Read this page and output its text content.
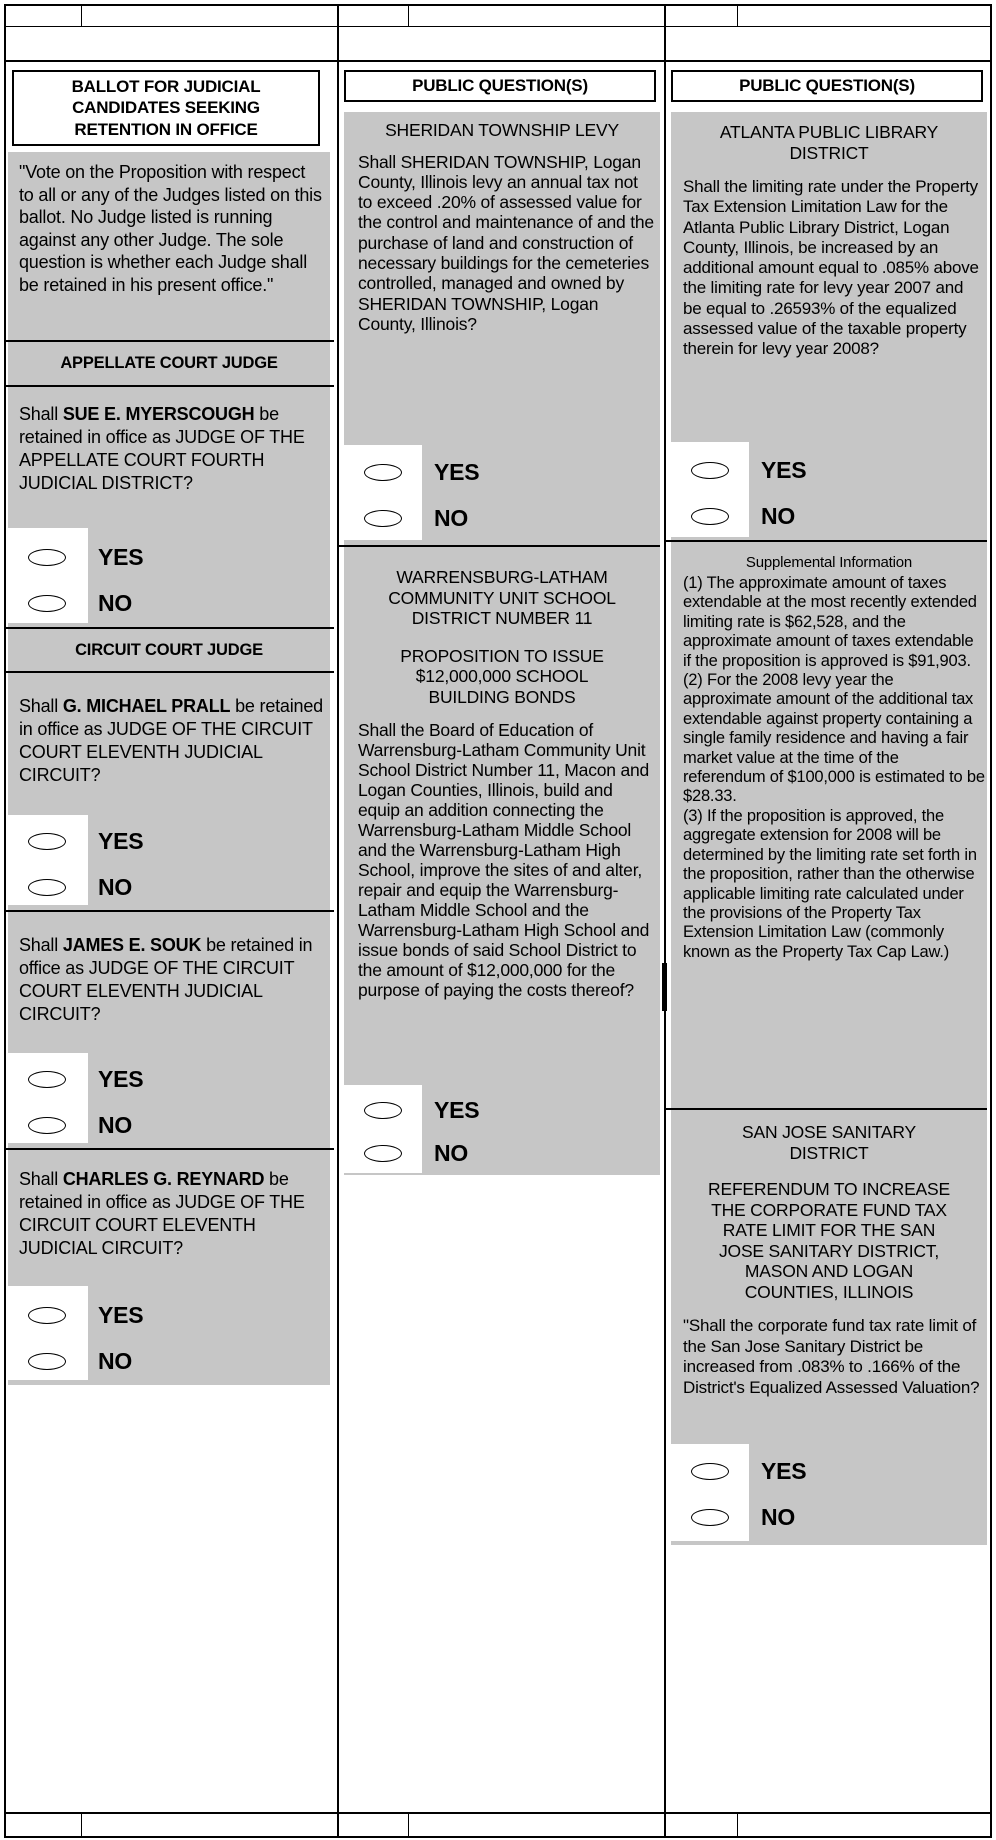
BALLOT FOR JUDICIAL CANDIDATES SEEKING RETENTION IN OFFICE
"Vote on the Proposition with respect to all or any of the Judges listed on this ballot. No Judge listed is running against any other Judge. The sole question is whether each Judge shall be retained in his present office."
APPELLATE COURT JUDGE
Shall SUE E. MYERSCOUGH be retained in office as JUDGE OF THE APPELLATE COURT FOURTH JUDICIAL DISTRICT?
YES
NO
CIRCUIT COURT JUDGE
Shall G. MICHAEL PRALL be retained in office as JUDGE OF THE CIRCUIT COURT ELEVENTH JUDICIAL CIRCUIT?
YES
NO
Shall JAMES E. SOUK be retained in office as JUDGE OF THE CIRCUIT COURT ELEVENTH JUDICIAL CIRCUIT?
YES
NO
Shall CHARLES G. REYNARD be retained in office as JUDGE OF THE CIRCUIT COURT ELEVENTH JUDICIAL CIRCUIT?
YES
NO
PUBLIC QUESTION(S)
SHERIDAN TOWNSHIP LEVY
Shall SHERIDAN TOWNSHIP, Logan County, Illinois levy an annual tax not to exceed .20% of assessed value for the control and maintenance of and the purchase of land and construction of necessary buildings for the cemeteries controlled, managed and owned by SHERIDAN TOWNSHIP, Logan County, Illinois?
YES
NO
WARRENSBURG-LATHAM COMMUNITY UNIT SCHOOL DISTRICT NUMBER 11
PROPOSITION TO ISSUE $12,000,000 SCHOOL BUILDING BONDS
Shall the Board of Education of Warrensburg-Latham Community Unit School District Number 11, Macon and Logan Counties, Illinois, build and equip an addition connecting the Warrensburg-Latham Middle School and the Warrensburg-Latham High School, improve the sites of and alter, repair and equip the Warrensburg-Latham Middle School and the Warrensburg-Latham High School and issue bonds of said School District to the amount of $12,000,000 for the purpose of paying the costs thereof?
YES
NO
PUBLIC QUESTION(S)
ATLANTA PUBLIC LIBRARY DISTRICT
Shall the limiting rate under the Property Tax Extension Limitation Law for the Atlanta Public Library District, Logan County, Illinois, be increased by an additional amount equal to .085% above the limiting rate for levy year 2007 and be equal to .26593% of the equalized assessed value of the taxable property therein for levy year 2008?
YES
NO
Supplemental Information
(1) The approximate amount of taxes extendable at the most recently extended limiting rate is $62,528, and the approximate amount of taxes extendable if the proposition is approved is $91,903.
(2) For the 2008 levy year the approximate amount of the additional tax extendable against property containing a single family residence and having a fair market value at the time of the referendum of $100,000 is estimated to be $28.33.
(3) If the proposition is approved, the aggregate extension for 2008 will be determined by the limiting rate set forth in the proposition, rather than the otherwise applicable limiting rate calculated under the provisions of the Property Tax Extension Limitation Law (commonly known as the Property Tax Cap Law.)
SAN JOSE SANITARY DISTRICT
REFERENDUM TO INCREASE THE CORPORATE FUND TAX RATE LIMIT FOR THE SAN JOSE SANITARY DISTRICT, MASON AND LOGAN COUNTIES, ILLINOIS
"Shall the corporate fund tax rate limit of the San Jose Sanitary District be increased from .083% to .166% of the District's Equalized Assessed Valuation?
YES
NO
